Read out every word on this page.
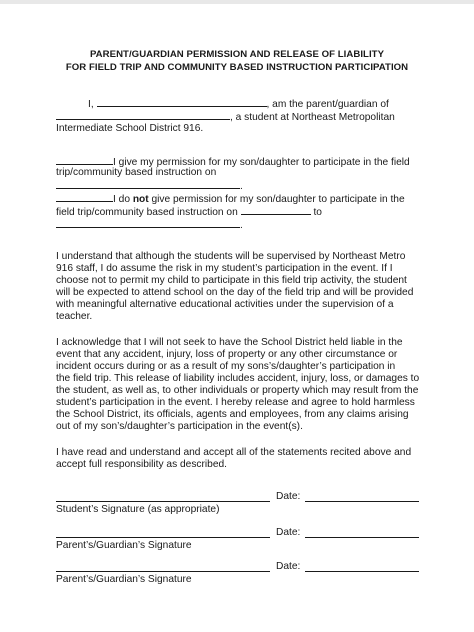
PARENT/GUARDIAN PERMISSION AND RELEASE OF LIABILITY
FOR FIELD TRIP AND COMMUNITY BASED INSTRUCTION PARTICIPATION
I,	, am the parent/guardian of
, a student at Northeast Metropolitan
Intermediate School District 916.
I give my permission for my son/daughter to participate in the field
trip/community based instruction on
.
I do not give permission for my son/daughter to participate in the
field trip/community based instruction on	to
.
I understand that although the students will be supervised by Northeast Metro
916 staff, I do assume the risk in my student’s participation in the event. If I
choose not to permit my child to participate in this field trip activity, the student
will be expected to attend school on the day of the field trip and will be provided
with meaningful alternative educational activities under the supervision of a
teacher.
I acknowledge that I will not seek to have the School District held liable in the
event that any accident, injury, loss of property or any other circumstance or
incident occurs during or as a result of my sons’s/daughter’s participation in
the field trip. This release of liability includes accident, injury, loss, or damages to
the student, as well as, to other individuals or property which may result from the
student’s participation in the event. I hereby release and agree to hold harmless
the School District, its officials, agents and employees, from any claims arising
out of my son’s/daughter’s participation in the event(s).
I have read and understand and accept all of the statements recited above and
accept full responsibility as described.
Date:
Student’s Signature (as appropriate)
Date:
Parent’s/Guardian’s Signature
Date:
Parent’s/Guardian’s Signature
